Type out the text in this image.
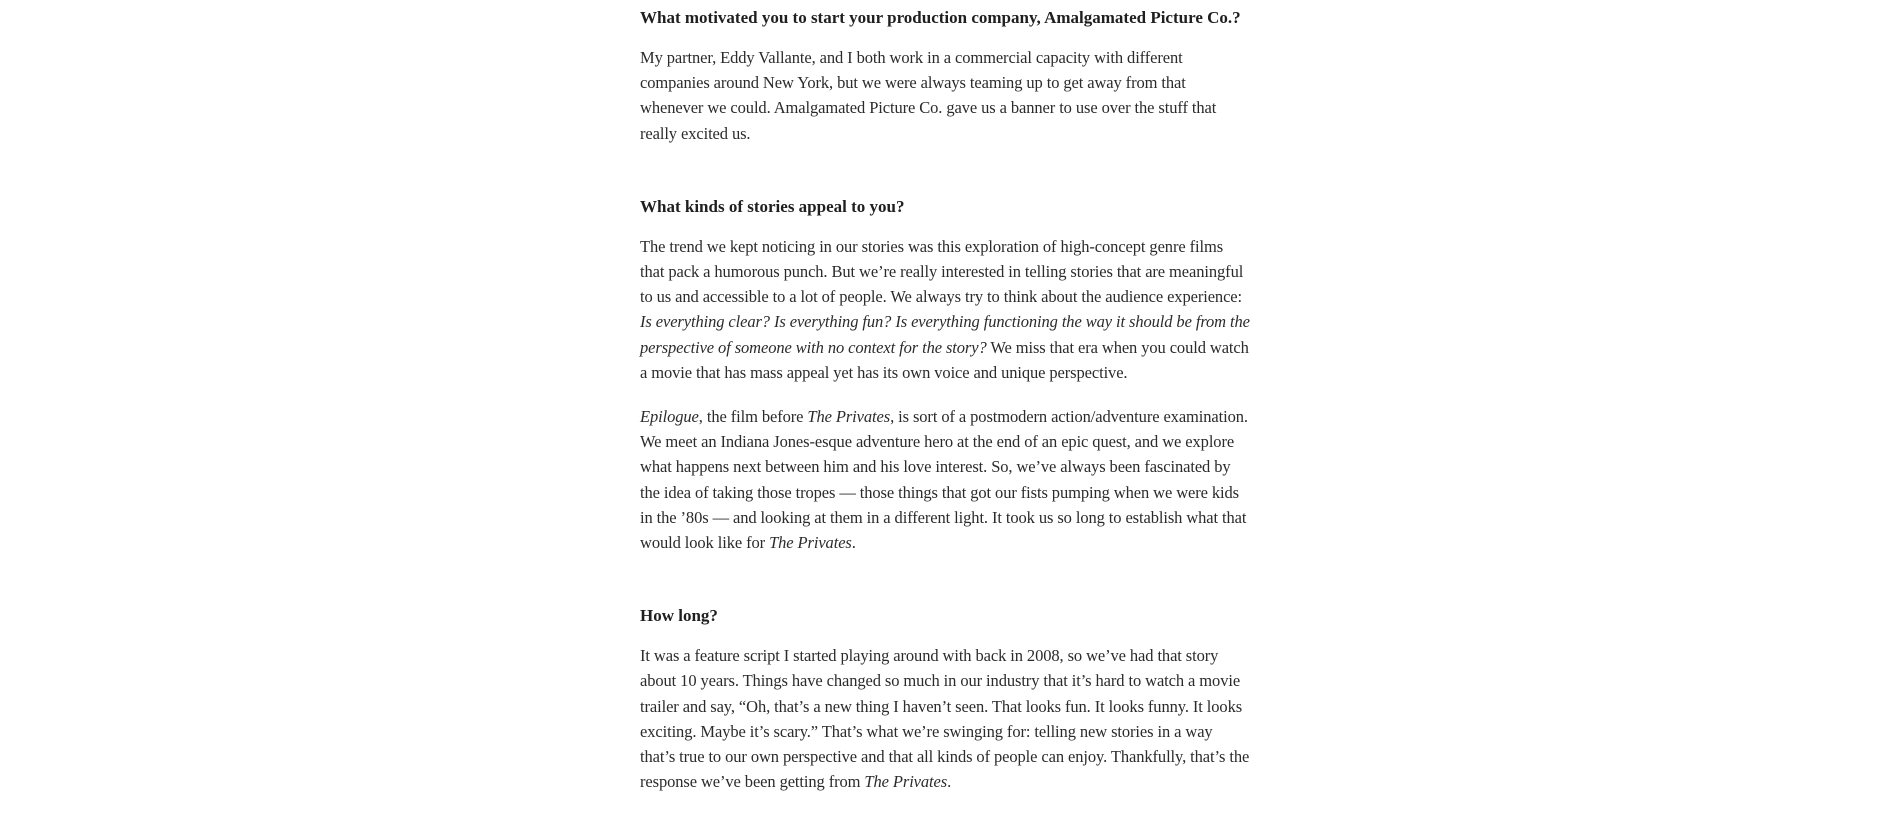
What motivated you to start your production company, Amalgamated Picture Co.?

My partner, Eddy Vallante, and I both work in a commercial capacity with different companies around New York, but we were always teaming up to get away from that whenever we could. Amalgamated Picture Co. gave us a banner to use over the stuff that really excited us.

What kinds of stories appeal to you?

The trend we kept noticing in our stories was this exploration of high-concept genre films that pack a humorous punch. But we’re really interested in telling stories that are meaningful to us and accessible to a lot of people. We always try to think about the audience experience: Is everything clear? Is everything fun? Is everything functioning the way it should be from the perspective of someone with no context for the story? We miss that era when you could watch a movie that has mass appeal yet has its own voice and unique perspective.

Epilogue, the film before The Privates, is sort of a postmodern action/adventure examination. We meet an Indiana Jones-esque adventure hero at the end of an epic quest, and we explore what happens next between him and his love interest. So, we’ve always been fascinated by the idea of taking those tropes — those things that got our fists pumping when we were kids in the ’80s — and looking at them in a different light. It took us so long to establish what that would look like for The Privates.

How long?

It was a feature script I started playing around with back in 2008, so we’ve had that story about 10 years. Things have changed so much in our industry that it’s hard to watch a movie trailer and say, “Oh, that’s a new thing I haven’t seen. That looks fun. It looks funny. It looks exciting. Maybe it’s scary.” That’s what we’re swinging for: telling new stories in a way that’s true to our own perspective and that all kinds of people can enjoy. Thankfully, that’s the response we’ve been getting from The Privates.
